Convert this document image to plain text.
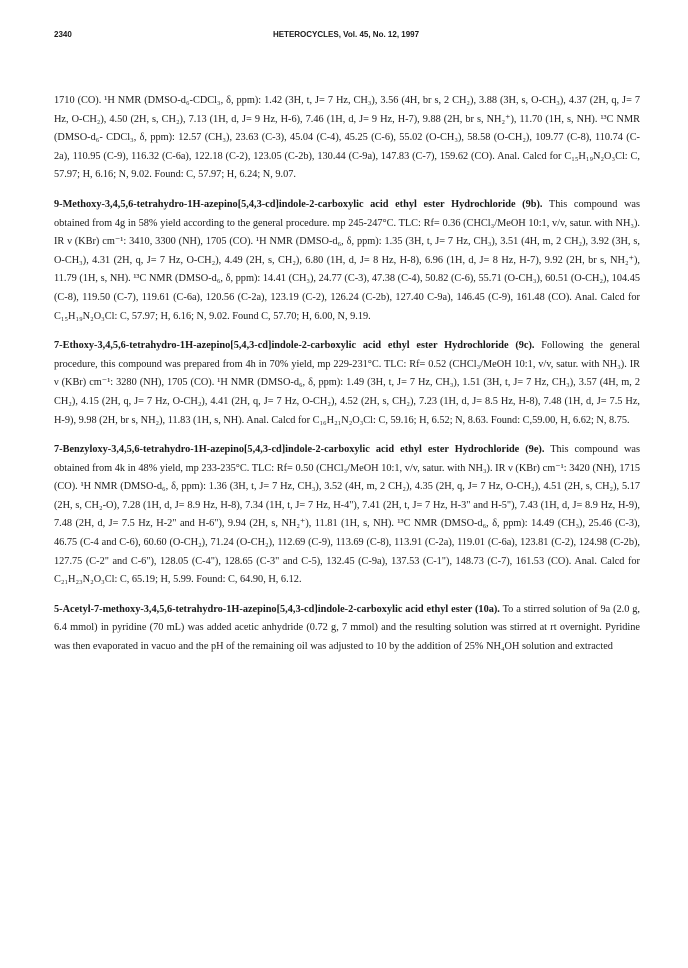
2340	HETEROCYCLES, Vol. 45, No. 12, 1997

1710 (CO). ¹H NMR (DMSO-d₆-CDCl₃, δ, ppm): 1.42 (3H, t, J= 7 Hz, CH₃), 3.56 (4H, br s, 2 CH₂), 3.88 (3H, s, O-CH₃), 4.37 (2H, q, J= 7 Hz, O-CH₂), 4.50 (2H, s, CH₂), 7.13 (1H, d, J= 9 Hz, H-6), 7.46 (1H, d, J= 9 Hz, H-7), 9.88 (2H, br s, NH₂⁺), 11.70 (1H, s, NH). ¹³C NMR (DMSO-d₆- CDCl₃, δ, ppm): 12.57 (CH₃), 23.63 (C-3), 45.04 (C-4), 45.25 (C-6), 55.02 (O-CH₃), 58.58 (O-CH₂), 109.77 (C-8), 110.74 (C-2a), 110.95 (C-9), 116.32 (C-6a), 122.18 (C-2), 123.05 (C-2b), 130.44 (C-9a), 147.83 (C-7), 159.62 (CO). Anal. Calcd for C₁₅H₁₉N₂O₃Cl: C, 57.97; H, 6.16; N, 9.02. Found: C, 57.97; H, 6.24; N, 9.07.

9-Methoxy-3,4,5,6-tetrahydro-1H-azepino[5,4,3-cd]indole-2-carboxylic acid ethyl ester Hydrochloride (9b). This compound was obtained from 4g in 58% yield according to the general procedure. mp 245-247°C. TLC: Rf= 0.36 (CHCl₃/MeOH 10:1, v/v, satur. with NH₃). IR ν (KBr) cm⁻¹: 3410, 3300 (NH), 1705 (CO). ¹H NMR (DMSO-d₆, δ, ppm): 1.35 (3H, t, J= 7 Hz, CH₃), 3.51 (4H, m, 2 CH₂), 3.92 (3H, s, O-CH₃), 4.31 (2H, q, J= 7 Hz, O-CH₂), 4.49 (2H, s, CH₂), 6.80 (1H, d, J= 8 Hz, H-8), 6.96 (1H, d, J= 8 Hz, H-7), 9.92 (2H, br s, NH₂⁺), 11.79 (1H, s, NH). ¹³C NMR (DMSO-d₆, δ, ppm): 14.41 (CH₃), 24.77 (C-3), 47.38 (C-4), 50.82 (C-6), 55.71 (O-CH₃), 60.51 (O-CH₂), 104.45 (C-8), 119.50 (C-7), 119.61 (C-6a), 120.56 (C-2a), 123.19 (C-2), 126.24 (C-2b), 127.40 C-9a), 146.45 (C-9), 161.48 (CO). Anal. Calcd for C₁₅H₁₉N₂O₃Cl: C, 57.97; H, 6.16; N, 9.02. Found C, 57.70; H, 6.00, N, 9.19.

7-Ethoxy-3,4,5,6-tetrahydro-1H-azepino[5,4,3-cd]indole-2-carboxylic acid ethyl ester Hydrochloride (9c). Following the general procedure, this compound was prepared from 4h in 70% yield, mp 229-231°C. TLC: Rf= 0.52 (CHCl₃/MeOH 10:1, v/v, satur. with NH₃). IR ν (KBr) cm⁻¹: 3280 (NH), 1705 (CO). ¹H NMR (DMSO-d₆, δ, ppm): 1.49 (3H, t, J= 7 Hz, CH₃), 1.51 (3H, t, J= 7 Hz, CH₃), 3.57 (4H, m, 2 CH₂), 4.15 (2H, q, J= 7 Hz, O-CH₂), 4.41 (2H, q, J= 7 Hz, O-CH₂), 4.52 (2H, s, CH₂), 7.23 (1H, d, J= 8.5 Hz, H-8), 7.48 (1H, d, J= 7.5 Hz, H-9), 9.98 (2H, br s, NH₂), 11.83 (1H, s, NH). Anal. Calcd for C₁₆H₂₁N₂O₃Cl: C, 59.16; H, 6.52; N, 8.63. Found: C,59.00, H, 6.62; N, 8.75.

7-Benzyloxy-3,4,5,6-tetrahydro-1H-azepino[5,4,3-cd]indole-2-carboxylic acid ethyl ester Hydrochloride (9e). This compound was obtained from 4k in 48% yield, mp 233-235°C. TLC: Rf= 0.50 (CHCl₃/MeOH 10:1, v/v, satur. with NH₃). IR ν (KBr) cm⁻¹: 3420 (NH), 1715 (CO). ¹H NMR (DMSO-d₆, δ, ppm): 1.36 (3H, t, J= 7 Hz, CH₃), 3.52 (4H, m, 2 CH₂), 4.35 (2H, q, J= 7 Hz, O-CH₂), 4.51 (2H, s, CH₂), 5.17 (2H, s, CH₂-O), 7.28 (1H, d, J= 8.9 Hz, H-8), 7.34 (1H, t, J= 7 Hz, H-4"), 7.41 (2H, t, J= 7 Hz, H-3" and H-5"), 7.43 (1H, d, J= 8.9 Hz, H-9), 7.48 (2H, d, J= 7.5 Hz, H-2" and H-6"), 9.94 (2H, s, NH₂⁺), 11.81 (1H, s, NH). ¹³C NMR (DMSO-d₆, δ, ppm): 14.49 (CH₃), 25.46 (C-3), 46.75 (C-4 and C-6), 60.60 (O-CH₂), 71.24 (O-CH₂), 112.69 (C-9), 113.69 (C-8), 113.91 (C-2a), 119.01 (C-6a), 123.81 (C-2), 124.98 (C-2b), 127.75 (C-2" and C-6"), 128.05 (C-4"), 128.65 (C-3" and C-5), 132.45 (C-9a), 137.53 (C-1"), 148.73 (C-7), 161.53 (CO). Anal. Calcd for C₂₁H₂₃N₂O₃Cl: C, 65.19; H, 5.99. Found: C, 64.90, H, 6.12.

5-Acetyl-7-methoxy-3,4,5,6-tetrahydro-1H-azepino[5,4,3-cd]indole-2-carboxylic acid ethyl ester (10a). To a stirred solution of 9a (2.0 g, 6.4 mmol) in pyridine (70 mL) was added acetic anhydride (0.72 g, 7 mmol) and the resulting solution was stirred at rt overnight. Pyridine was then evaporated in vacuo and the pH of the remaining oil was adjusted to 10 by the addition of 25% NH₄OH solution and extracted
